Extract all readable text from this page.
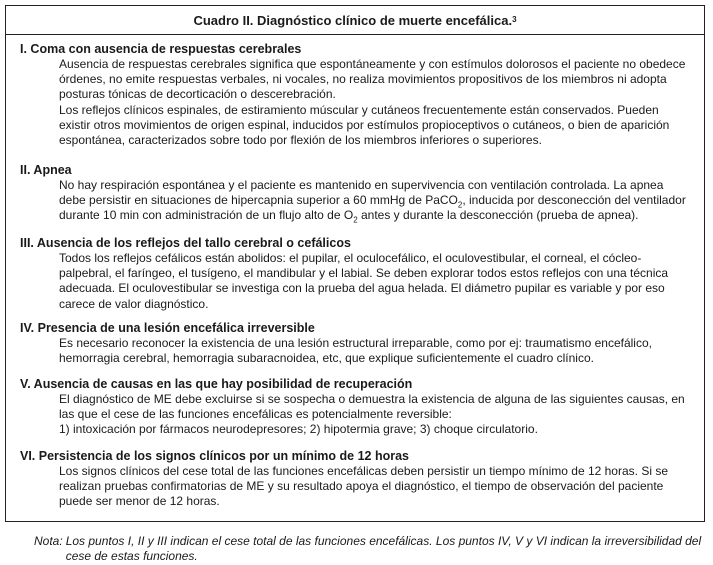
Cuadro II. Diagnóstico clínico de muerte encefálica. 3
I. Coma con ausencia de respuestas cerebrales

Ausencia de respuestas cerebrales significa que espontáneamente y con estímulos dolorosos el paciente no obedece órdenes, no emite respuestas verbales, ni vocales, no realiza movimientos propositivos de los miembros ni adopta posturas tónicas de decorticación o descerebración.

Los reflejos clínicos espinales, de estiramiento múscular y cutáneos frecuentemente están conservados. Pueden existir otros movimientos de origen espinal, inducidos por estímulos propioceptivos o cutáneos, o bien de aparición espontánea, caracterizados sobre todo por flexión de los miembros inferiores o superiores.

II. Apnea

No hay respiración espontánea y el paciente es mantenido en supervivencia con ventilación controlada. La apnea debe persistir en situaciones de hipercapnia superior a 60 mmHg de PaCO$_2$, inducida por desconección del ventilador durante 10 min con administración de un flujo alto de $O_2$ antes y durante la desconección (prueba de apnea).

III. Ausencia de los reflejos del tallo cerebral o cefálicos

Todos los reflejos cefálicos están abolidos: el pupilar, el oculocefálico, el oculovestibular, el corneal, el cócleo-palpebral, el faríngeo, el tusígeno, el mandibular y el labial. Se deben explorar todos estos reflejos con una técnica adecuada. El oculovestibular se investiga con la prueba del agua helada. El diámetro pupilar es variable y por eso carece de valor diagnóstico.

IV. Presencia de una lesión encefálica irreversible

Es necesario reconocer la existencia de una lesión estructural irreparable, como por ej: traumatismo encefálico, hemorragia cerebral, hemorragia subaracnoidea, etc, que explique suficientemente el cuadro clínico.

V. Ausencia de causas en las que hay posibilidad de recuperación

El diagnóstico de ME debe excluirse si se sospecha o demuestra la existencia de alguna de las siguientes causas, en las que el cese de las funciones encefálicas es potencialmente reversible:

1) intoxicación por fármacos neurodepresores; 2) hipotermia grave; 3) choque circulatorio.

VI. Persistencia de los signos clínicos por un mínimo de 12 horas

Los signos clínicos del cese total de las funciones encefálicas deben persistir un tiempo mínimo de 12 horas. Si se realizan pruebas confirmatorias de ME y su resultado apoya el diagnóstico, el tiempo de observación del paciente puede ser menor de 12 horas.

Nota: Los puntos I, II y III indican el cese total de las funciones encefálicas. Los puntos IV, V y VI indican la irreversibilidad del cese de estas funciones.
